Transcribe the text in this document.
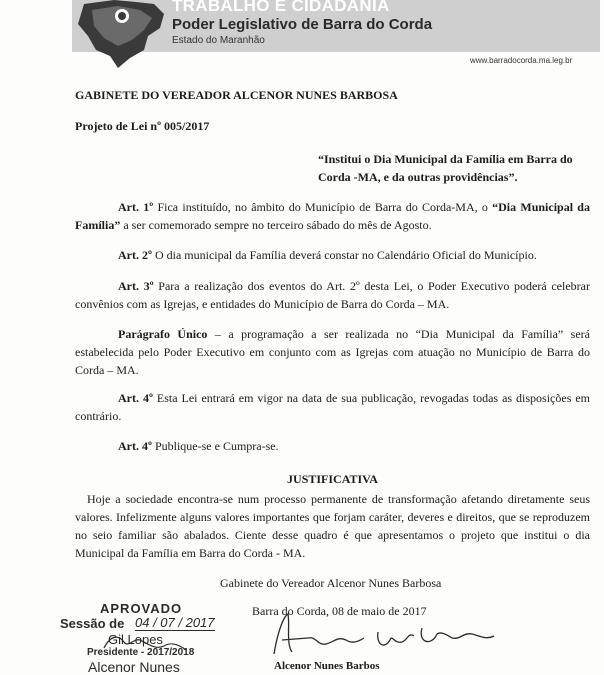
TRABALHO E CIDADANIA
Poder Legislativo de Barra do Corda
Estado do Maranhão
www.barradocorda.ma.leg.br
GABINETE DO VEREADOR ALCENOR NUNES BARBOSA
Projeto de Lei nº 005/2017
“Institui o Dia Municipal da Família em Barra do
Corda -MA, e da outras providências”.
Art. 1º Fica instituído, no âmbito do Município de Barra do Corda-MA, o “Dia Municipal da Família” a ser comemorado sempre no terceiro sábado do mês de Agosto.
Art. 2º O dia municipal da Família deverá constar no Calendário Oficial do Município.
Art. 3º Para a realização dos eventos do Art. 2º desta Lei, o Poder Executivo poderá celebrar convênios com as Igrejas, e entidades do Município de Barra do Corda – MA.
Parágrafo Único – a programação a ser realizada no “Dia Municipal da Família” será estabelecida pelo Poder Executivo em conjunto com as Igrejas com atuação no Município de Barra do Corda – MA.
Art. 4º Esta Lei entrará em vigor na data de sua publicação, revogadas todas as disposições em contrário.
Art. 4º Publique-se e Cumpra-se.
JUSTIFICATIVA
Hoje a sociedade encontra-se num processo permanente de transformação afetando diretamente seus valores. Infelizmente alguns valores importantes que forjam caráter, deveres e direitos, que se reproduzem no seio familiar são abalados. Ciente desse quadro é que apresentamos o projeto que institui o dia Municipal da Família em Barra do Corda - MA.
Gabinete do Vereador Alcenor Nunes Barbosa
Barra do Corda, 08 de maio de 2017
Alcenor Nunes Barbos
APROVADO
Sessão de 04 / 07 / 2017
Gil Lopes
Presidente - 2017/2018
Alcenor Nunes
